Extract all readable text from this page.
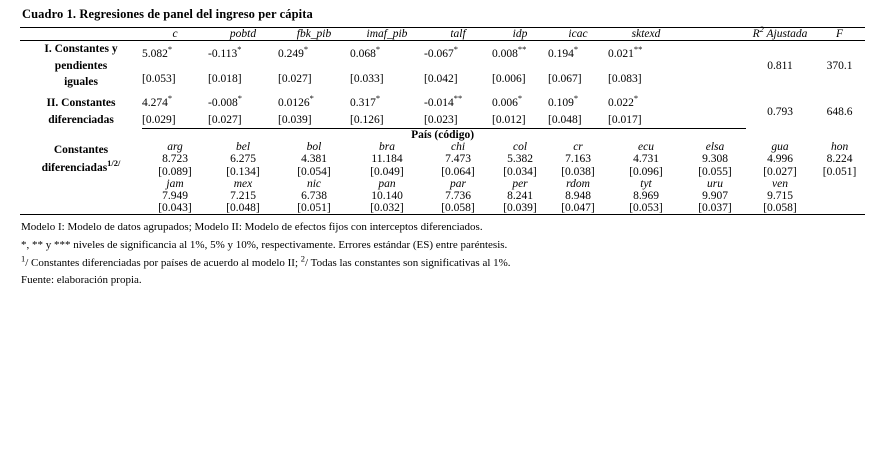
Cuadro 1. Regresiones de panel del ingreso per cápita
	c	pobtd	fbk_pib	imaf_pib	talf	idp	icac	sktexd		$R^2$ Ajustada	F
I. Constantes y
pendientes
iguales	5.082*	-0.113*	0.249*	0.068*	-0.067*	0.008**	0.194*	0.021**		0.811	370.1
	[0.053]	[0.018]	[0.027]	[0.033]	[0.042]	[0.006]	[0.067]	[0.083]			

II. Constantes
diferenciadas	4.274*	-0.008*	0.0126*	0.317*	-0.014**	0.006*	0.109*	0.022*		0.793	648.6
	[0.029]	[0.027]	[0.039]	[0.126]	[0.023]	[0.012]	[0.048]	[0.017]			
País (código)											
Constantes
diferenciadas$^{1/2/}$	arg	bel	bol	bra	chi	col	cr	ecu	elsa	gua	hon
	8.723	6.275	4.381	11.184	7.473	5.382	7.163	4.731	9.308	4.996	8.224
	[0.089]	[0.134]	[0.054]	[0.049]	[0.064]	[0.034]	[0.038]	[0.096]	[0.055]	[0.027]	[0.051]
	jam	mex	nic	pan	par	per	rdom	tyt	uru	ven	
	7.949	7.215	6.738	10.140	7.736	8.241	8.948	8.969	9.907	9.715	
	[0.043]	[0.048]	[0.051]	[0.032]	[0.058]	[0.039]	[0.047]	[0.053]	[0.037]	[0.058]	
Modelo I: Modelo de datos agrupados; Modelo II: Modelo de efectos fijos con interceptos diferenciados.
*, ** y *** niveles de significancia al 1%, 5% y 10%, respectivamente. Errores estándar (ES) entre paréntesis.
$^1$/ Constantes diferenciadas por países de acuerdo al modelo II; $^2$/ Todas las constantes son significativas al 1%.
Fuente: elaboración propia.
